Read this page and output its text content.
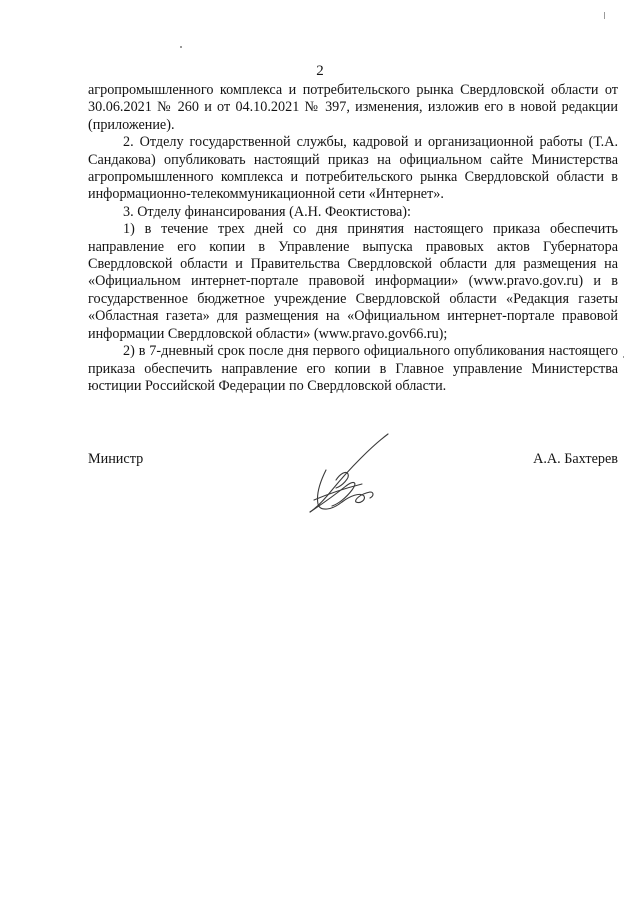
2

агропромышленного комплекса и потребительского рынка Свердловской области от 30.06.2021 № 260 и от 04.10.2021 № 397, изменения, изложив его в новой редакции (приложение).

2. Отделу государственной службы, кадровой и организационной работы (Т.А. Сандакова) опубликовать настоящий приказ на официальном сайте Министерства агропромышленного комплекса и потребительского рынка Свердловской области в информационно-телекоммуникационной сети «Интернет».

3. Отделу финансирования (А.Н. Феоктистова):

1) в течение трех дней со дня принятия настоящего приказа обеспечить направление его копии в Управление выпуска правовых актов Губернатора Свердловской области и Правительства Свердловской области для размещения на «Официальном интернет-портале правовой информации» (www.pravo.gov.ru) и в государственное бюджетное учреждение Свердловской области «Редакция газеты «Областная газета» для размещения на «Официальном интернет-портале правовой информации Свердловской области» (www.pravo.gov66.ru);

2) в 7-дневный срок после дня первого официального опубликования настоящего приказа обеспечить направление его копии в Главное управление Министерства юстиции Российской Федерации по Свердловской области.

Министр	А.А. Бахтерев
